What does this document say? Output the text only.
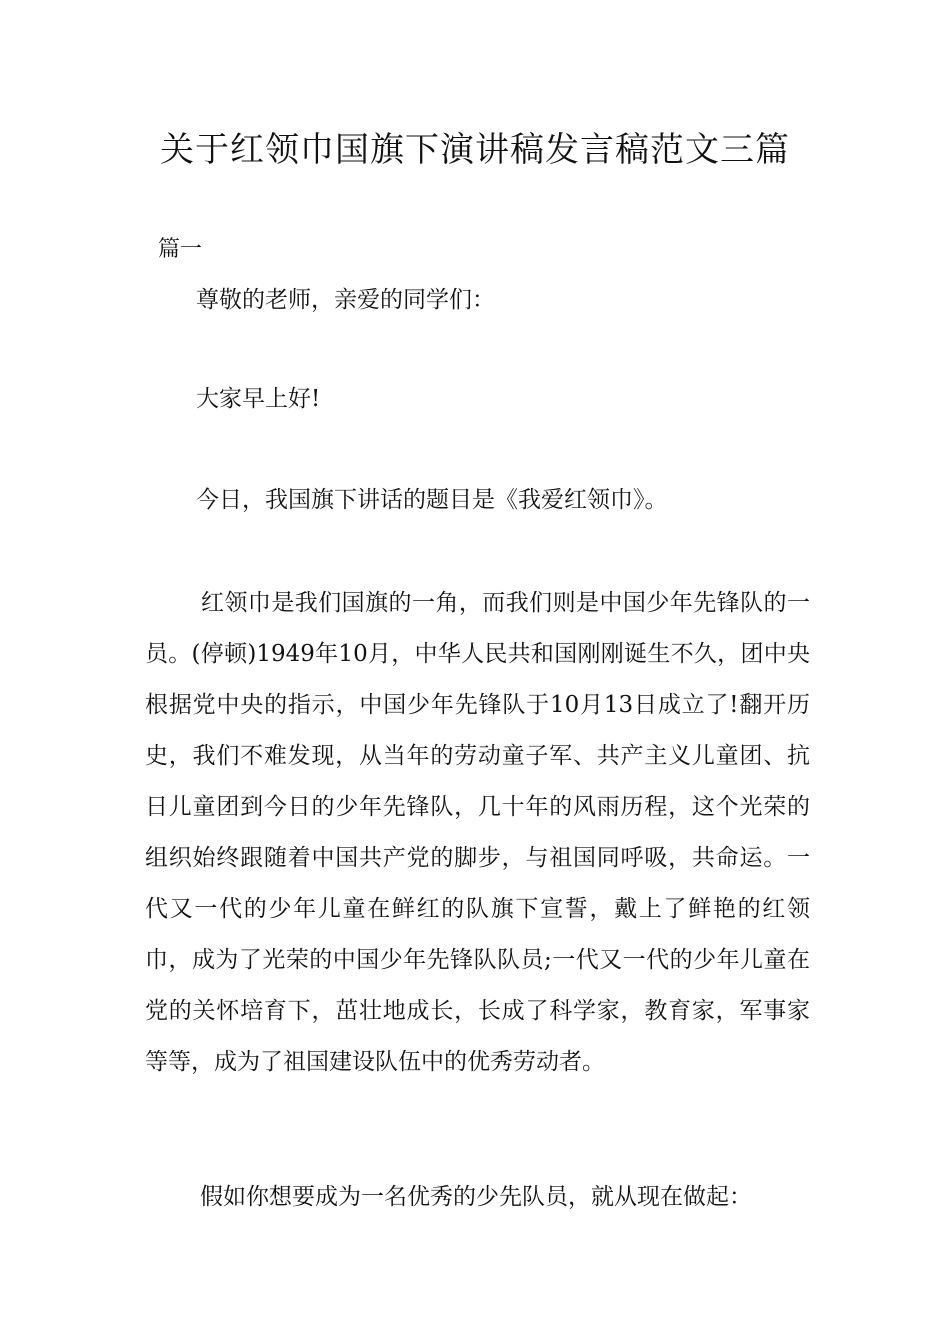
关于红领巾国旗下演讲稿发言稿范文三篇

篇一

尊敬的老师，亲爱的同学们：

大家早上好!

今日，我国旗下讲话的题目是《我爱红领巾》。

红领巾是我们国旗的一角，而我们则是中国少年先锋队的一员。(停顿)1949年10月，中华人民共和国刚刚诞生不久，团中央根据党中央的指示，中国少年先锋队于10月13日成立了!翻开历史，我们不难发现，从当年的劳动童子军、共产主义儿童团、抗日儿童团到今日的少年先锋队，几十年的风雨历程，这个光荣的组织始终跟随着中国共产党的脚步，与祖国同呼吸，共命运。一代又一代的少年儿童在鲜红的队旗下宣誓，戴上了鲜艳的红领巾，成为了光荣的中国少年先锋队队员;一代又一代的少年儿童在党的关怀培育下，茁壮地成长，长成了科学家，教育家，军事家等等，成为了祖国建设队伍中的优秀劳动者。

假如你想要成为一名优秀的少先队员，就从现在做起：
